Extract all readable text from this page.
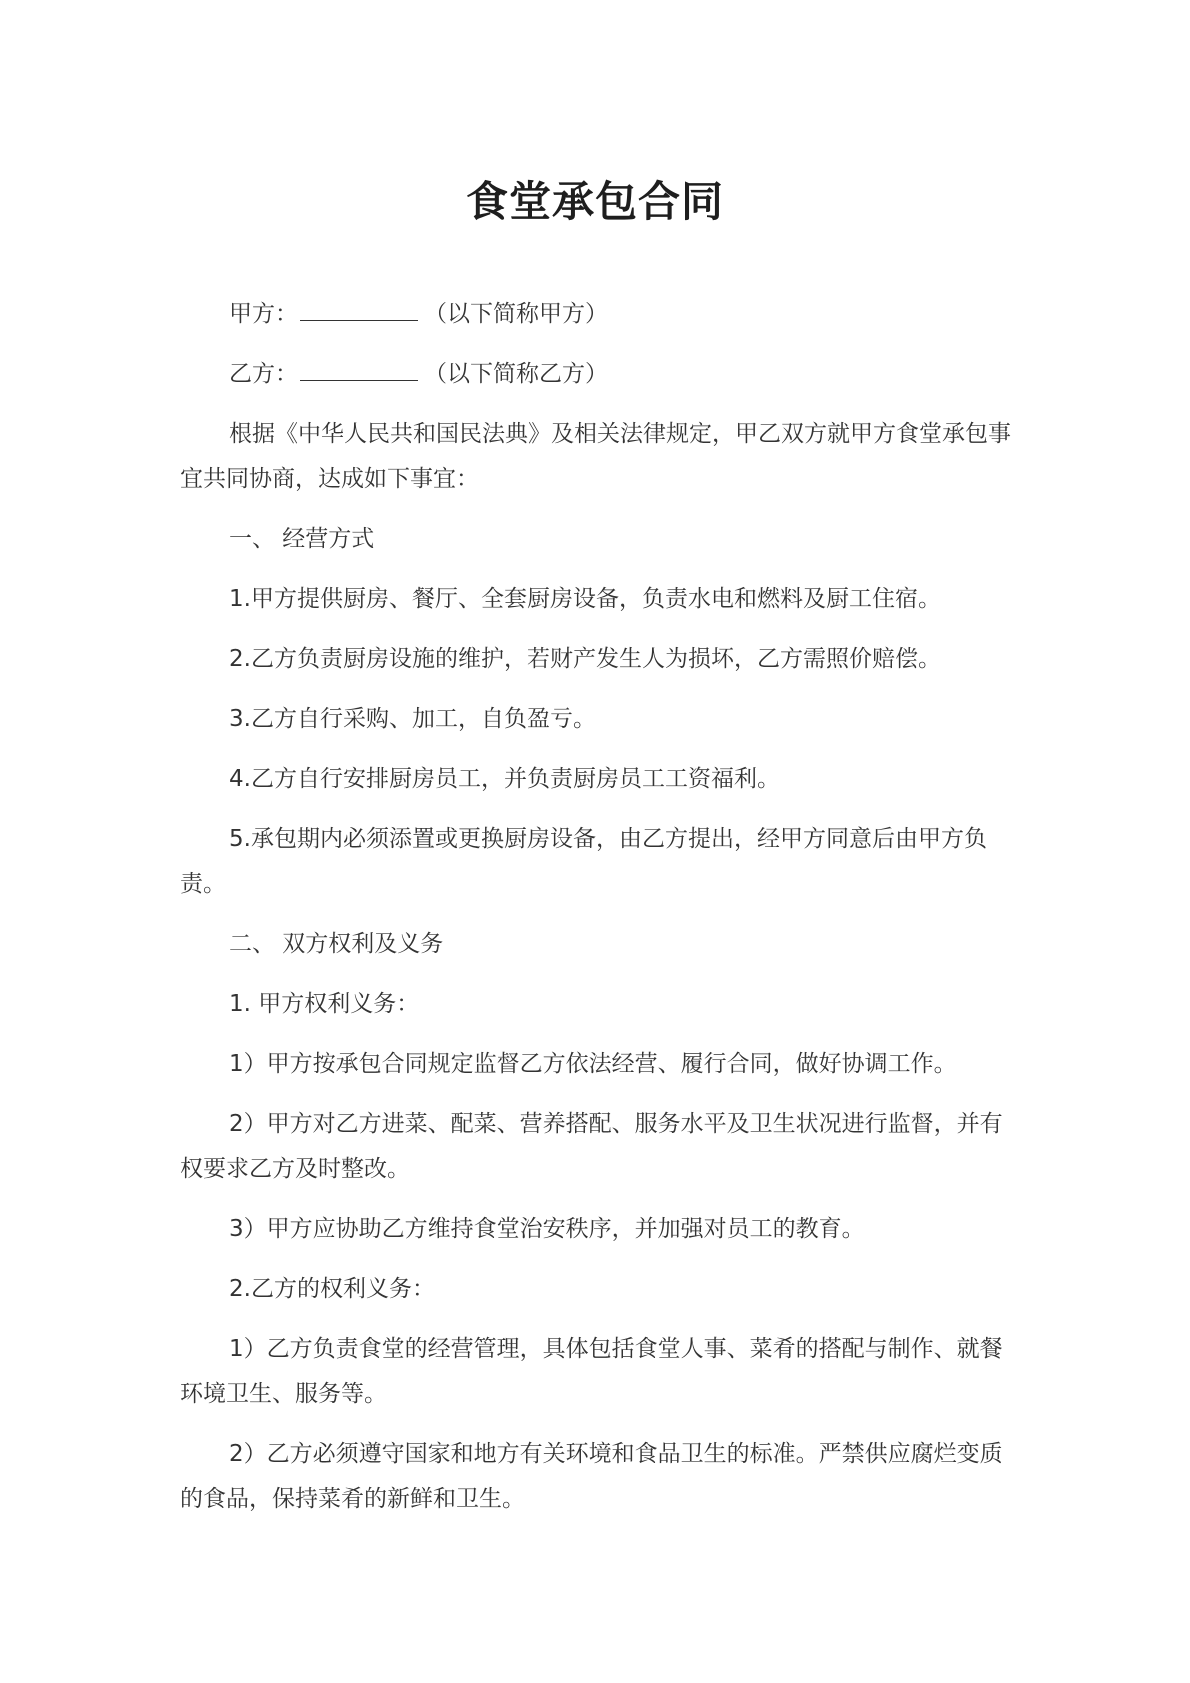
食堂承包合同
甲方：	（以下简称甲方）
乙方：	（以下简称乙方）

根据《中华人民共和国民法典》及相关法律规定，甲乙双方就甲方食堂承包事宜共同协商，达成如下事宜：

一、 经营方式

1.甲方提供厨房、餐厅、全套厨房设备，负责水电和燃料及厨工住宿。

2.乙方负责厨房设施的维护，若财产发生人为损坏，乙方需照价赔偿。

3.乙方自行采购、加工，自负盈亏。

4.乙方自行安排厨房员工，并负责厨房员工工资福利。

5.承包期内必须添置或更换厨房设备，由乙方提出，经甲方同意后由甲方负责。

二、 双方权利及义务

1. 甲方权利义务：

1）甲方按承包合同规定监督乙方依法经营、履行合同，做好协调工作。

2）甲方对乙方进菜、配菜、营养搭配、服务水平及卫生状况进行监督，并有权要求乙方及时整改。

3）甲方应协助乙方维持食堂治安秩序，并加强对员工的教育。

2.乙方的权利义务：

1）乙方负责食堂的经营管理，具体包括食堂人事、菜肴的搭配与制作、就餐环境卫生、服务等。

2）乙方必须遵守国家和地方有关环境和食品卫生的标准。严禁供应腐烂变质的食品，保持菜肴的新鲜和卫生。
